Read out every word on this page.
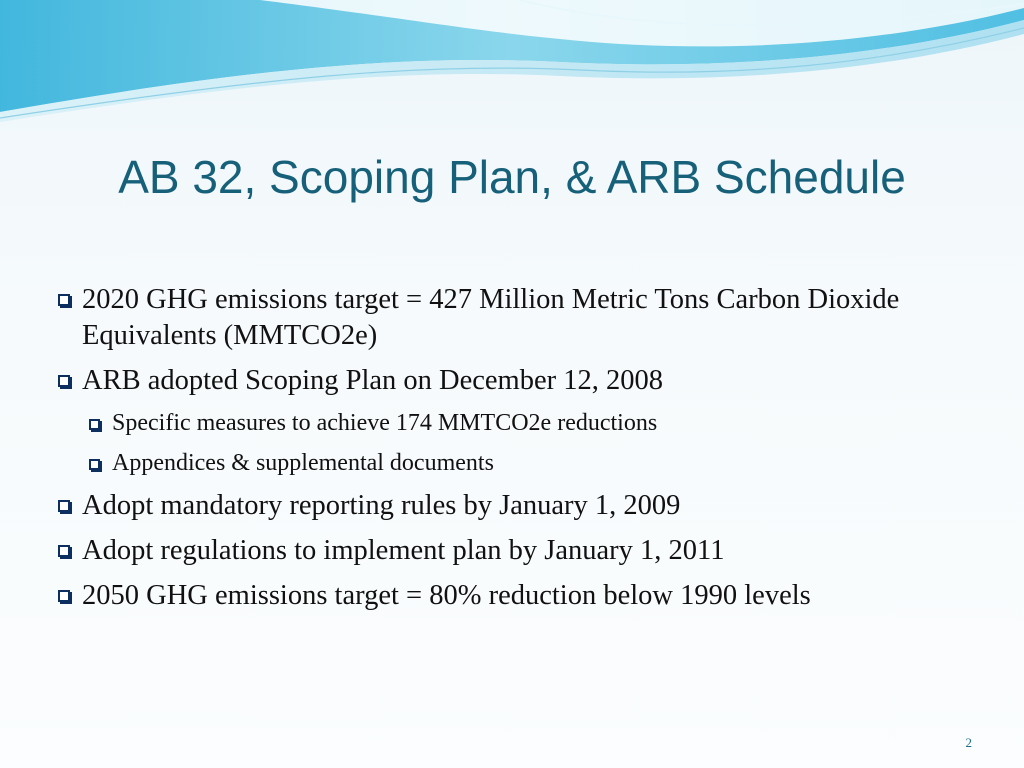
AB 32, Scoping Plan, & ARB Schedule
2020 GHG emissions target = 427 Million Metric Tons Carbon Dioxide Equivalents (MMTCO2e)
ARB adopted Scoping Plan on December 12, 2008
Specific measures to achieve 174 MMTCO2e reductions
Appendices & supplemental documents
Adopt mandatory reporting rules by January 1, 2009
Adopt regulations to implement plan by January 1, 2011
2050 GHG emissions target = 80% reduction below 1990 levels
2
